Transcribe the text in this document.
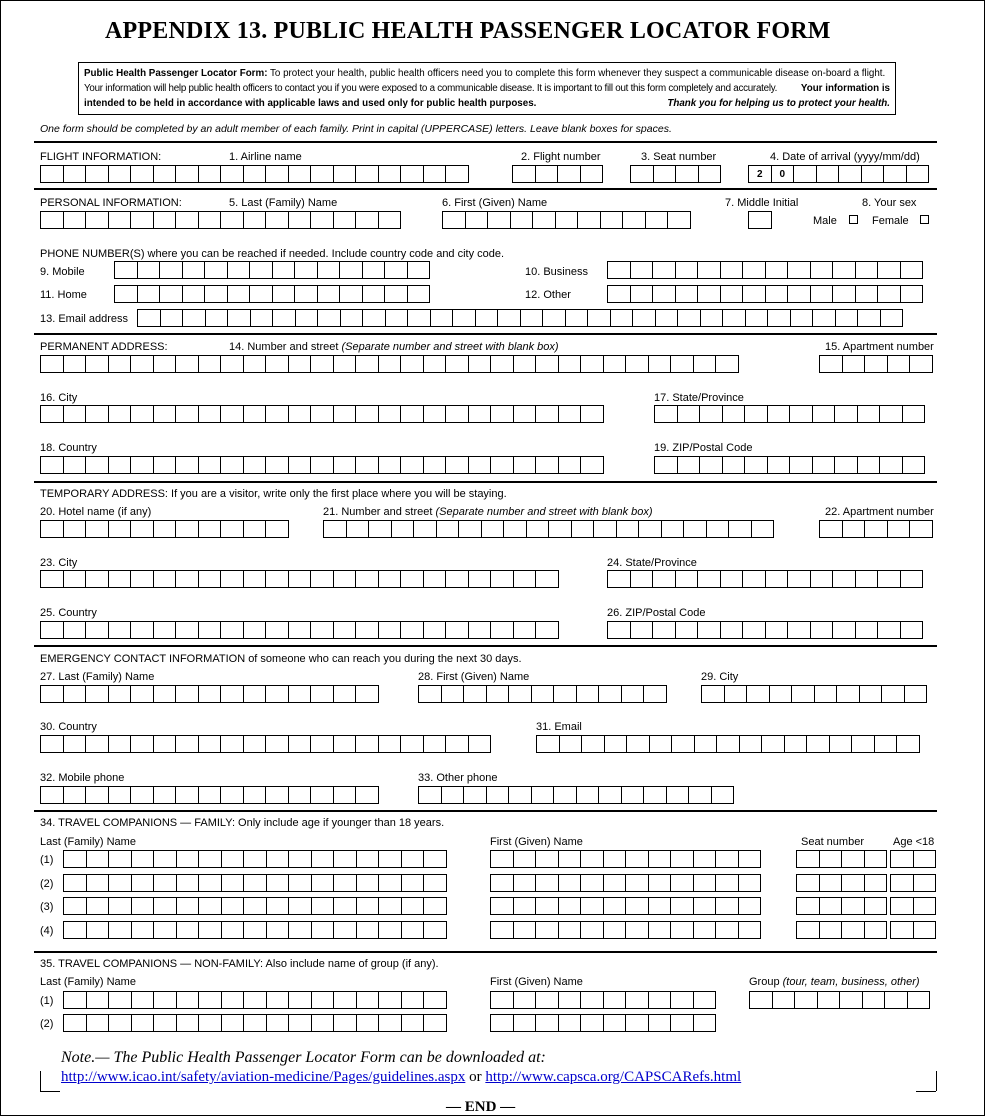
APPENDIX 13. PUBLIC HEALTH PASSENGER LOCATOR FORM
Public Health Passenger Locator Form: To protect your health, public health officers need you to complete this form whenever they suspect a communicable disease on-board a flight.
Your information will help public health officers to contact you if you were exposed to a communicable disease. It is important to fill out this form completely and accurately. Your information is
intended to be held in accordance with applicable laws and used only for public health purposes.	Thank you for helping us to protect your health.
One form should be completed by an adult member of each family. Print in capital (UPPERCASE) letters. Leave blank boxes for spaces.
FLIGHT INFORMATION:	1. Airline name	2. Flight number	3. Seat number	4. Date of arrival (yyyy/mm/dd)
2	0
PERSONAL INFORMATION:	5. Last (Family) Name	6. First (Given) Name	7. Middle Initial	8. Your sex
Male	Female
PHONE NUMBER(S) where you can be reached if needed. Include country code and city code.
9. Mobile	10. Business
11. Home	12. Other
13. Email address
PERMANENT ADDRESS:	14. Number and street (Separate number and street with blank box)	15. Apartment number
16. City	17. State/Province
18. Country	19. ZIP/Postal Code
TEMPORARY ADDRESS: If you are a visitor, write only the first place where you will be staying.
20. Hotel name (if any)	21. Number and street (Separate number and street with blank box)	22. Apartment number
23. City	24. State/Province
25. Country	26. ZIP/Postal Code
EMERGENCY CONTACT INFORMATION of someone who can reach you during the next 30 days.
27. Last (Family) Name	28. First (Given) Name	29. City
30. Country	31. Email
32. Mobile phone	33. Other phone
34. TRAVEL COMPANIONS — FAMILY: Only include age if younger than 18 years.
Last (Family) Name	First (Given) Name	Seat number	Age <18
(1)
(2)
(3)
(4)
35. TRAVEL COMPANIONS — NON-FAMILY: Also include name of group (if any).
Last (Family) Name	First (Given) Name	Group (tour, team, business, other)
(1)
(2)
Note.— The Public Health Passenger Locator Form can be downloaded at:
http://www.icao.int/safety/aviation-medicine/Pages/guidelines.aspx or http://www.capsca.org/CAPSCARefs.html
— END —
